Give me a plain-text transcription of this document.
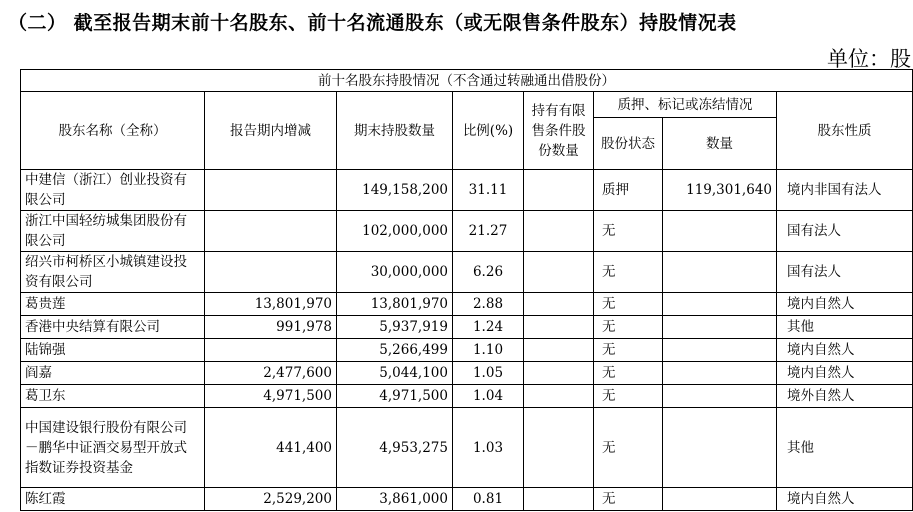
（二） 截至报告期末前十名股东、前十名流通股东（或无限售条件股东）持股情况表
单位：股
前十名股东持股情况（不含通过转融通出借股份）							
股东名称（全称）	报告期内增减	期末持股数量	比例(%)	持有有限售条件股份数量	质押、标记或冻结情况		股东性质
					股份状态	数量	
中建信（浙江）创业投资有限公司		149,158,200	31.11		质押	119,301,640	境内非国有法人
浙江中国轻纺城集团股份有限公司		102,000,000	21.27		无		国有法人
绍兴市柯桥区小城镇建设投资有限公司		30,000,000	6.26		无		国有法人
葛贵莲	13,801,970	13,801,970	2.88		无		境内自然人
香港中央结算有限公司	991,978	5,937,919	1.24		无		其他
陆锦强		5,266,499	1.10		无		境内自然人
阎嘉	2,477,600	5,044,100	1.05		无		境内自然人
葛卫东	4,971,500	4,971,500	1.04		无		境外自然人
中国建设银行股份有限公司－鹏华中证酒交易型开放式指数证券投资基金	441,400	4,953,275	1.03		无		其他
陈红霞	2,529,200	3,861,000	0.81		无		境内自然人
